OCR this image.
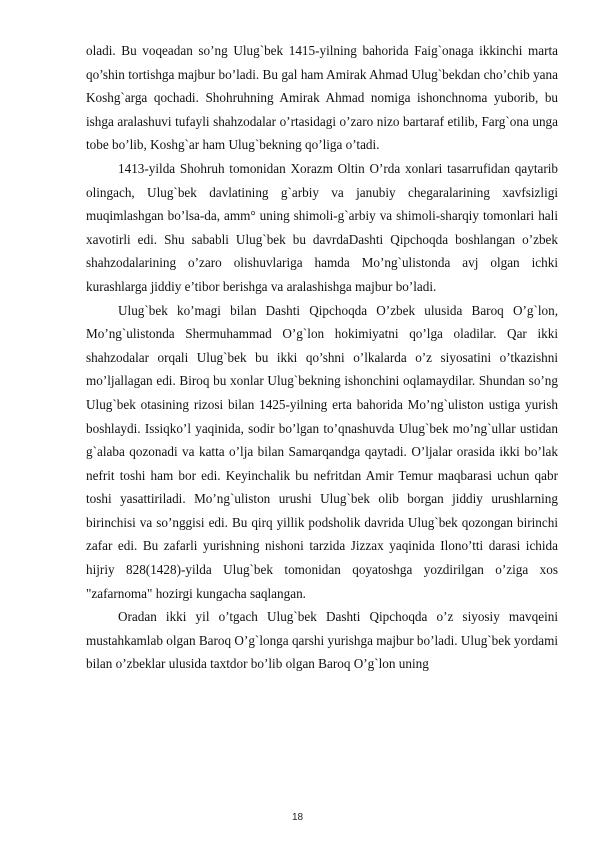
oladi. Bu voqeadan so’ng Ulug`bek 1415-yilning bahorida Faig`onaga ikkinchi marta qo’shin tortishga majbur bo’ladi. Bu gal ham Amirak Ahmad Ulug`bekdan cho’chib yana Koshg`arga qochadi. Shohruhning Amirak Ahmad nomiga ishonchnoma yuborib, bu ishga aralashuvi tufayli shahzodalar o’rtasidagi o’zaro nizo bartaraf etilib, Farg`ona unga tobe bo’lib, Koshg`ar ham Ulug`bekning qo’liga o’tadi.

1413-yilda Shohruh tomonidan Xorazm Oltin O’rda xonlari tasarrufidan qaytarib olingach, Ulug`bek davlatining g`arbiy va janubiy chegaralarining xavfsizligi muqimlashgan bo’lsa-da, amm° uning shimoli-g`arbiy va shimoli-sharqiy tomonlari hali xavotirli edi. Shu sababli Ulug`bek bu davrdaDashti Qipchoqda boshlangan o’zbek shahzodalarining o’zaro olishuvlariga hamda Mo’ng`ulistonda avj olgan ichki kurashlarga jiddiy e’tibor berishga va aralashishga majbur bo’ladi.

Ulug`bek ko’magi bilan Dashti Qipchoqda O’zbek ulusida Baroq O’g`lon, Mo’ng`ulistonda Shermuhammad O’g`lon hokimiyatni qo’lga oladilar. Qar ikki shahzodalar orqali Ulug`bek bu ikki qo’shni o’lkalarda o’z siyosatini o’tkazishni mo’ljallagan edi. Biroq bu xonlar Ulug`bekning ishonchini oqlamaydilar. Shundan so’ng Ulug`bek otasining rizosi bilan 1425-yilning erta bahorida Mo’ng`uliston ustiga yurish boshlaydi. Issiqko’l yaqinida, sodir bo’lgan to’qnashuvda Ulug`bek mo’ng`ullar ustidan g`alaba qozonadi va katta o’lja bilan Samarqandga qaytadi. O’ljalar orasida ikki bo’lak nefrit toshi ham bor edi. Keyinchalik bu nefritdan Amir Temur maqbarasi uchun qabr toshi yasattiriladi. Mo’ng`uliston urushi Ulug`bek olib borgan jiddiy urushlarning birinchisi va so’nggisi edi. Bu qirq yillik podsholik davrida Ulug`bek qozongan birinchi zafar edi. Bu zafarli yurishning nishoni tarzida Jizzax yaqinida Ilono’tti darasi ichida hijriy 828(1428)-yilda Ulug`bek tomonidan qoyatoshga yozdirilgan o’ziga xos "zafarnoma" hozirgi kungacha saqlangan.

Oradan ikki yil o’tgach Ulug`bek Dashti Qipchoqda o’z siyosiy mavqeini mustahkamlab olgan Baroq O’g`longa qarshi yurishga majbur bo’ladi. Ulug`bek yordami bilan o’zbeklar ulusida taxtdor bo’lib olgan Baroq O’g`lon uning

18
